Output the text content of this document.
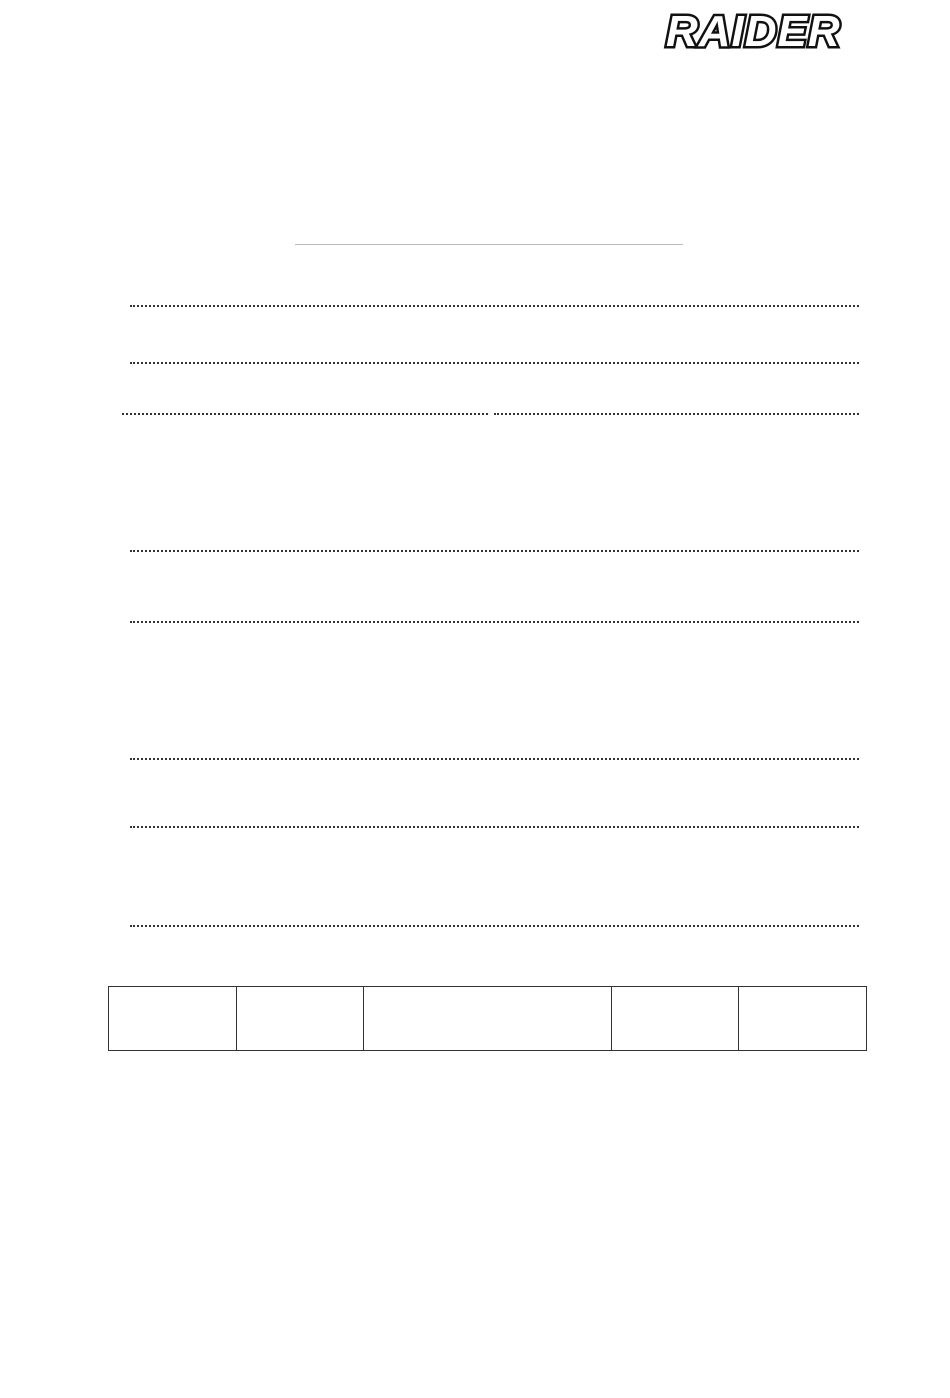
RAIDER
